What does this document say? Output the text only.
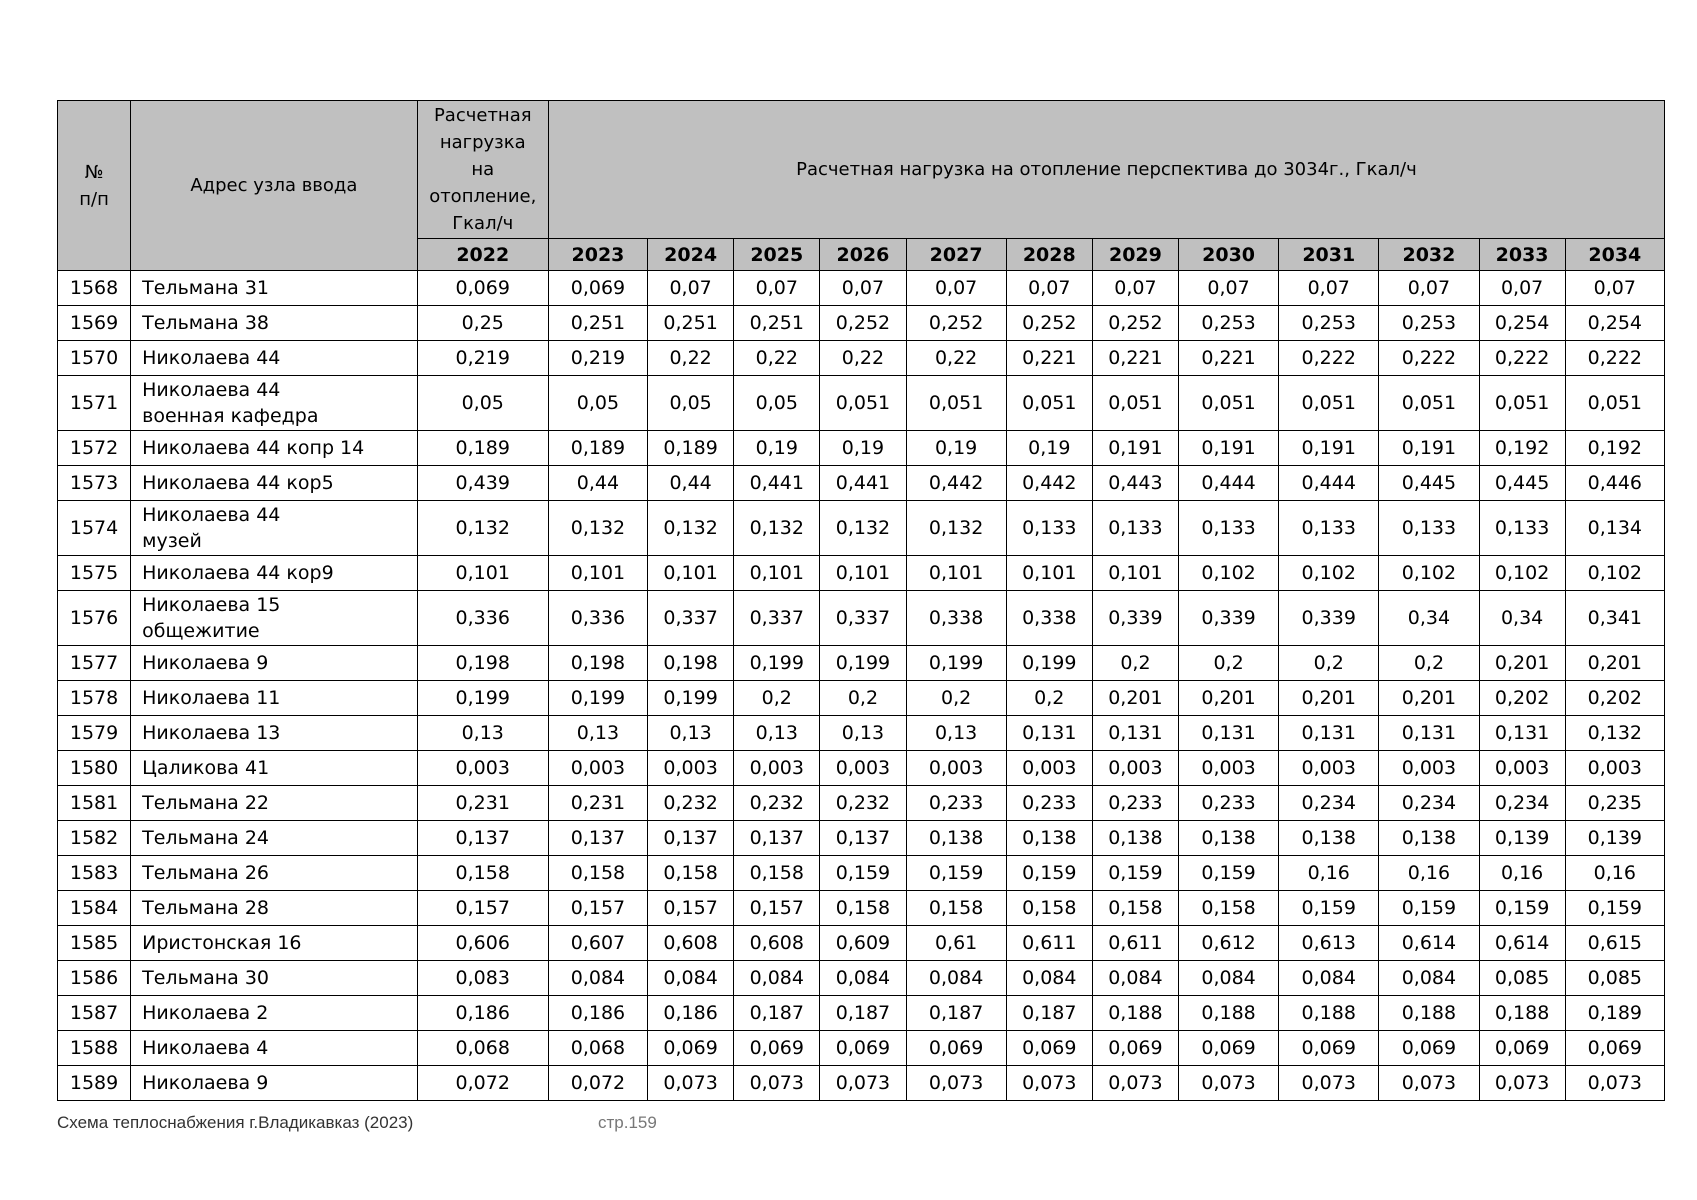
№
п/п	Адрес узла ввода	Расчетная
нагрузка
на
отопление,
Гкал/ч	Расчетная нагрузка на отопление перспектива до 3034г., Гкал/ч											
		2022	2023	2024	2025	2026	2027	2028	2029	2030	2031	2032	2033	2034
1568	Тельмана 31	0,069	0,069	0,07	0,07	0,07	0,07	0,07	0,07	0,07	0,07	0,07	0,07	0,07
1569	Тельмана 38	0,25	0,251	0,251	0,251	0,252	0,252	0,252	0,252	0,253	0,253	0,253	0,254	0,254
1570	Николаева 44	0,219	0,219	0,22	0,22	0,22	0,22	0,221	0,221	0,221	0,222	0,222	0,222	0,222
1571	Николаева 44
военная кафедра	0,05	0,05	0,05	0,05	0,051	0,051	0,051	0,051	0,051	0,051	0,051	0,051	0,051
1572	Николаева 44 копр 14	0,189	0,189	0,189	0,19	0,19	0,19	0,19	0,191	0,191	0,191	0,191	0,192	0,192
1573	Николаева 44 кор5	0,439	0,44	0,44	0,441	0,441	0,442	0,442	0,443	0,444	0,444	0,445	0,445	0,446
1574	Николаева 44
музей	0,132	0,132	0,132	0,132	0,132	0,132	0,133	0,133	0,133	0,133	0,133	0,133	0,134
1575	Николаева 44 кор9	0,101	0,101	0,101	0,101	0,101	0,101	0,101	0,101	0,102	0,102	0,102	0,102	0,102
1576	Николаева 15
общежитие	0,336	0,336	0,337	0,337	0,337	0,338	0,338	0,339	0,339	0,339	0,34	0,34	0,341
1577	Николаева 9	0,198	0,198	0,198	0,199	0,199	0,199	0,199	0,2	0,2	0,2	0,2	0,201	0,201
1578	Николаева 11	0,199	0,199	0,199	0,2	0,2	0,2	0,2	0,201	0,201	0,201	0,201	0,202	0,202
1579	Николаева 13	0,13	0,13	0,13	0,13	0,13	0,13	0,131	0,131	0,131	0,131	0,131	0,131	0,132
1580	Цаликова 41	0,003	0,003	0,003	0,003	0,003	0,003	0,003	0,003	0,003	0,003	0,003	0,003	0,003
1581	Тельмана 22	0,231	0,231	0,232	0,232	0,232	0,233	0,233	0,233	0,233	0,234	0,234	0,234	0,235
1582	Тельмана 24	0,137	0,137	0,137	0,137	0,137	0,138	0,138	0,138	0,138	0,138	0,138	0,139	0,139
1583	Тельмана 26	0,158	0,158	0,158	0,158	0,159	0,159	0,159	0,159	0,159	0,16	0,16	0,16	0,16
1584	Тельмана 28	0,157	0,157	0,157	0,157	0,158	0,158	0,158	0,158	0,158	0,159	0,159	0,159	0,159
1585	Иристонская 16	0,606	0,607	0,608	0,608	0,609	0,61	0,611	0,611	0,612	0,613	0,614	0,614	0,615
1586	Тельмана 30	0,083	0,084	0,084	0,084	0,084	0,084	0,084	0,084	0,084	0,084	0,084	0,085	0,085
1587	Николаева 2	0,186	0,186	0,186	0,187	0,187	0,187	0,187	0,188	0,188	0,188	0,188	0,188	0,189
1588	Николаева 4	0,068	0,068	0,069	0,069	0,069	0,069	0,069	0,069	0,069	0,069	0,069	0,069	0,069
1589	Николаева 9	0,072	0,072	0,073	0,073	0,073	0,073	0,073	0,073	0,073	0,073	0,073	0,073	0,073
Схема теплоснабжения г.Владикавказ (2023)	стр.159
